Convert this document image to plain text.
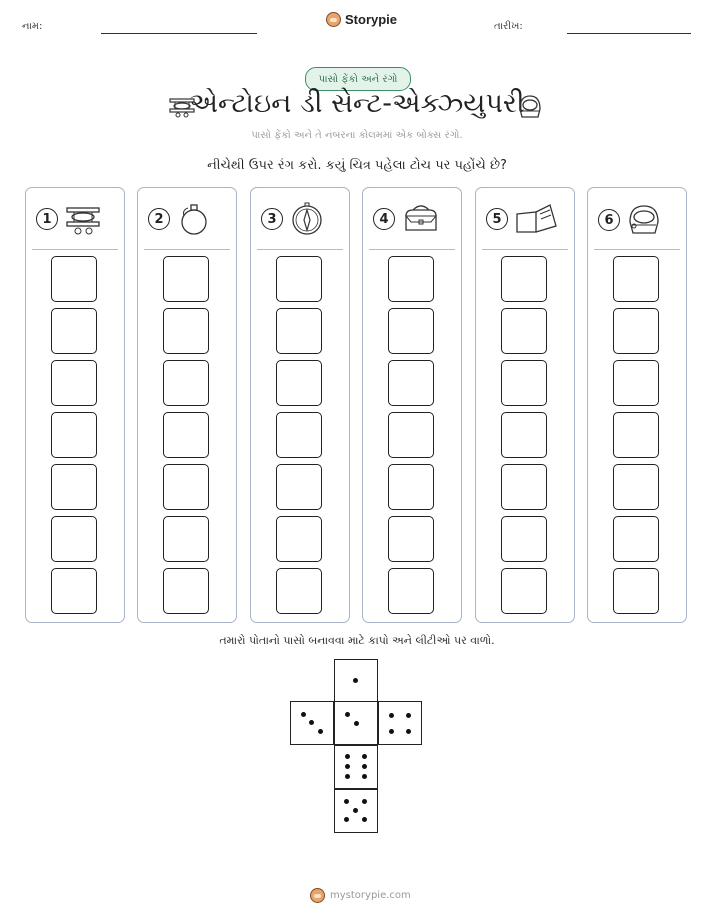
નામ:	Storypie	તારીખ:
પાસો ફેંકો અને રંગો
એન્ટોઇન ડી સેન્ટ-એક્ઝ્યુપરી
પાસો ફેંકો અને તે નંબરના કોલમમાં એક બોક્સ રંગો.
નીચેથી ઉપર રંગ કરો. કયું ચિત્ર પહેલા ટોચ પર પહોંચે છે?
1	2	3	4	5	6
તમારો પોતાનો પાસો બનાવવા માટે કાપો અને લીટીઓ પર વાળો.
mystorypie.com
